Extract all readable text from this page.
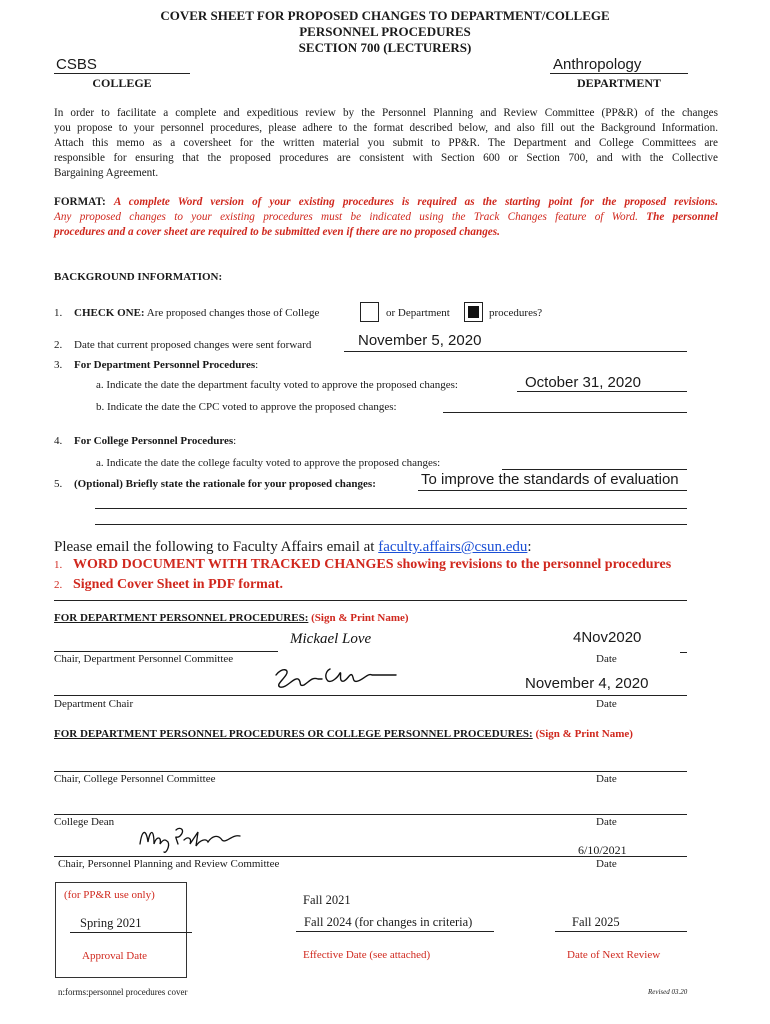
COVER SHEET FOR PROPOSED CHANGES TO DEPARTMENT/COLLEGE
PERSONNEL PROCEDURES
SECTION 700 (LECTURERS)
CSBS
COLLEGE
Anthropology
DEPARTMENT
In order to facilitate a complete and expeditious review by the Personnel Planning and Review Committee (PP&R) of the changes
you propose to your personnel procedures, please adhere to the format described below, and also fill out the Background Information.
Attach this memo as a coversheet for the written material you submit to PP&R. The Department and College Committees are
responsible for ensuring that the proposed procedures are consistent with Section 600 or Section 700, and with the Collective
Bargaining Agreement.
FORMAT: A complete Word version of your existing procedures is required as the starting point for the proposed revisions.
Any proposed changes to your existing procedures must be indicated using the Track Changes feature of Word. The personnel
procedures and a cover sheet are required to be submitted even if there are no proposed changes.
BACKGROUND INFORMATION:
1. CHECK ONE: Are proposed changes those of College	or Department	procedures?
2. Date that current proposed changes were sent forward	November 5, 2020
3. For Department Personnel Procedures:
a. Indicate the date the department faculty voted to approve the proposed changes:	October 31, 2020
b. Indicate the date the CPC voted to approve the proposed changes:
4. For College Personnel Procedures:
a. Indicate the date the college faculty voted to approve the proposed changes:
5. (Optional) Briefly state the rationale for your proposed changes:	To improve the standards of evaluation
Please email the following to Faculty Affairs email at faculty.affairs@csun.edu:
1. WORD DOCUMENT WITH TRACKED CHANGES showing revisions to the personnel procedures
2. Signed Cover Sheet in PDF format.
FOR DEPARTMENT PERSONNEL PROCEDURES: (Sign & Print Name)
Mickael Love	4Nov2020
Chair, Department Personnel Committee	Date
November 4, 2020
Department Chair	Date
FOR DEPARTMENT PERSONNEL PROCEDURES OR COLLEGE PERSONNEL PROCEDURES: (Sign & Print Name)
Chair, College Personnel Committee	Date
College Dean	Date
6/10/2021
Chair, Personnel Planning and Review Committee	Date
(for PP&R use only)
Spring 2021
Approval Date
Fall 2021
Fall 2024 (for changes in criteria)
Effective Date (see attached)
Fall 2025
Date of Next Review
n:forms:personnel procedures cover	Revised 03.20
